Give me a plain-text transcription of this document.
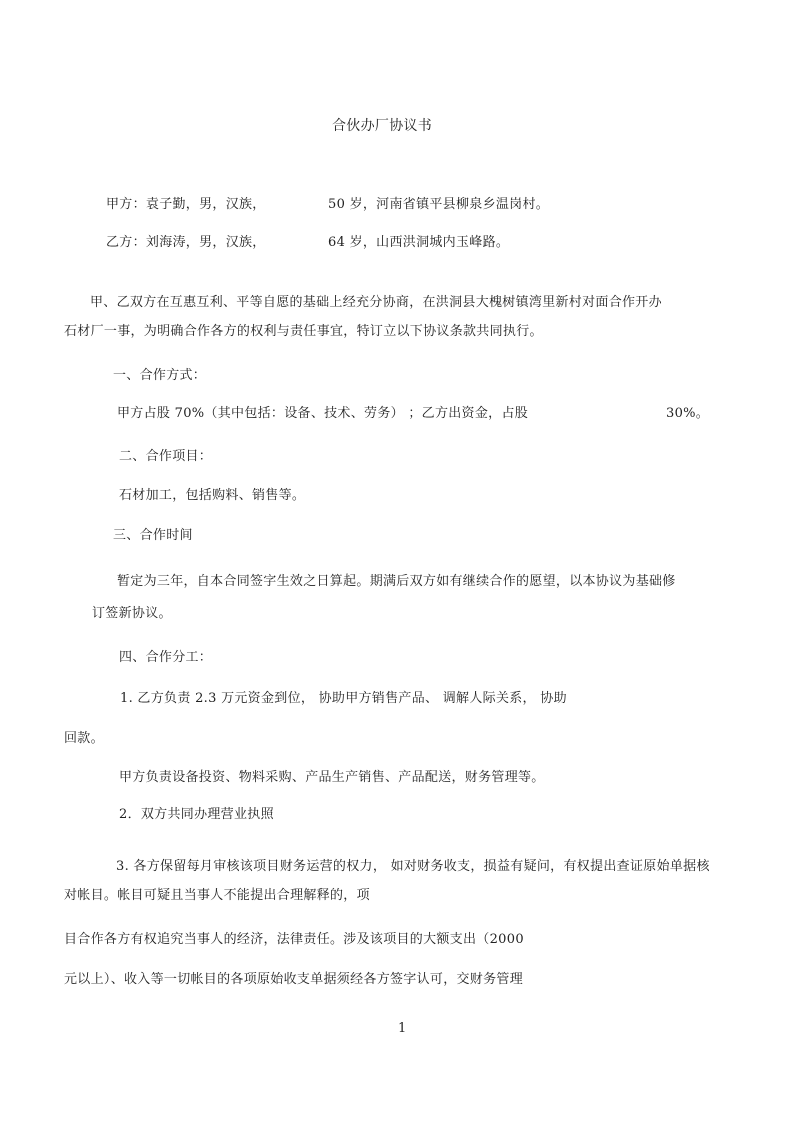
合伙办厂协议书
甲方：袁子勤，男，汉族，	50 岁，河南省镇平县柳泉乡温岗村。
乙方：刘海涛，男，汉族，	64 岁，山西洪洞城内玉峰路。
甲、乙双方在互惠互利、平等自愿的基础上经充分协商，在洪洞县大槐树镇湾里新村对面合作开办
石材厂一事，为明确合作各方的权利与责任事宜，特订立以下协议条款共同执行。
一、合作方式：
甲方占股 70%（其中包括：设备、技术、劳务） ；乙方出资金，占股	30%。
二、合作项目：
石材加工，包括购料、销售等。
三、合作时间
暂定为三年，自本合同签字生效之日算起。期满后双方如有继续合作的愿望，以本协议为基础修
订签新协议。
四、合作分工：
1. 乙方负责 2.3 万元资金到位， 协助甲方销售产品、 调解人际关系， 协助
回款。
甲方负责设备投资、物料采购、产品生产销售、产品配送，财务管理等。
2．双方共同办理营业执照
3. 各方保留每月审核该项目财务运营的权力， 如对财务收支，损益有疑问，有权提出查证原始单据核
对帐目。帐目可疑且当事人不能提出合理解释的，项
目合作各方有权追究当事人的经济，法律责任。涉及该项目的大额支出（2000
元以上）、收入等一切帐目的各项原始收支单据须经各方签字认可，交财务管理
1
